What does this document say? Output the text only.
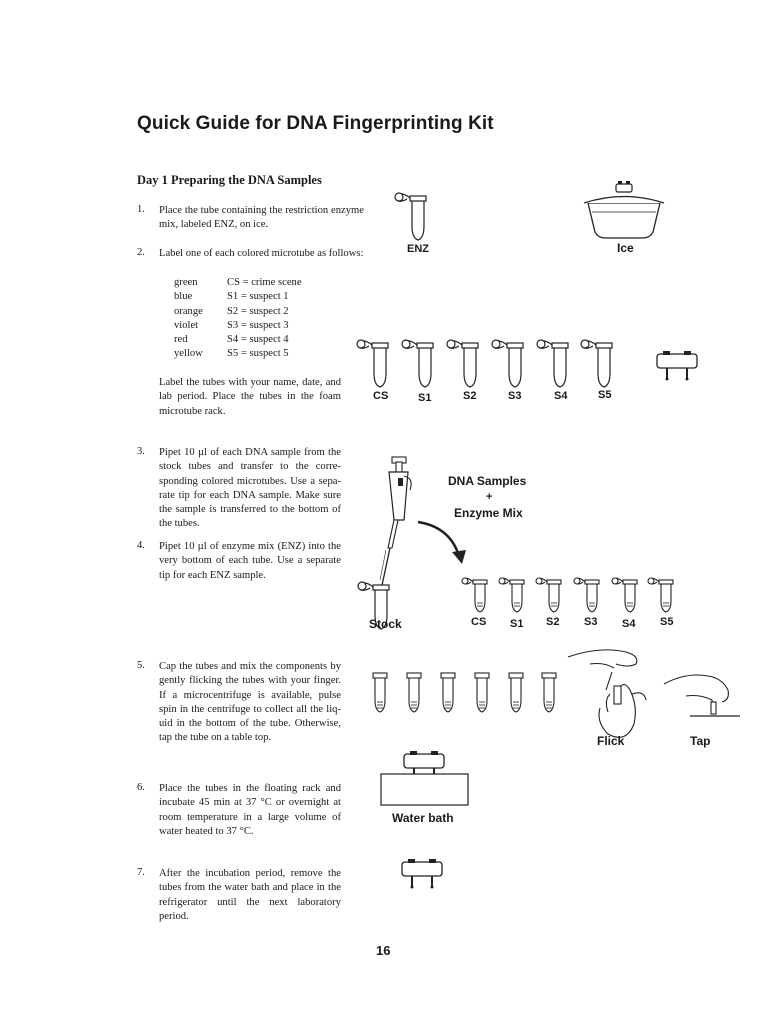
Quick Guide for DNA Fingerprinting Kit
Day 1 Preparing the DNA Samples
1. Place the tube containing the restriction enzyme mix, labeled ENZ, on ice.
2. Label one of each colored microtube as follows:
green	CS = crime scene
blue	S1 = suspect 1
orange	S2 = suspect 2
violet	S3 = suspect 3
red	S4 = suspect 4
yellow	S5 = suspect 5
Label the tubes with your name, date, and lab period. Place the tubes in the foam microtube rack.
3. Pipet 10 µl of each DNA sample from the stock tubes and transfer to the corre-sponding colored microtubes. Use a sepa-rate tip for each DNA sample. Make sure the sample is transferred to the bottom of the tubes.
4. Pipet 10 µl of enzyme mix (ENZ) into the very bottom of each tube. Use a separate tip for each ENZ sample.
5. Cap the tubes and mix the components by gently flicking the tubes with your finger. If a microcentrifuge is available, pulse spin in the centrifuge to collect all the liq-uid in the bottom of the tube. Otherwise, tap the tube on a table top.
6. Place the tubes in the floating rack and incubate 45 min at 37 °C or overnight at room temperature in a large volume of water heated to 37 °C.
7. After the incubation period, remove the tubes from the water bath and place in the refrigerator until the next laboratory period.
ENZ	Ice
CS	S1	S2	S3	S4	S5
DNA Samples
+
Enzyme Mix
Stock	CS S1 S2 S3 S4 S5
Flick	Tap
Water bath
16
